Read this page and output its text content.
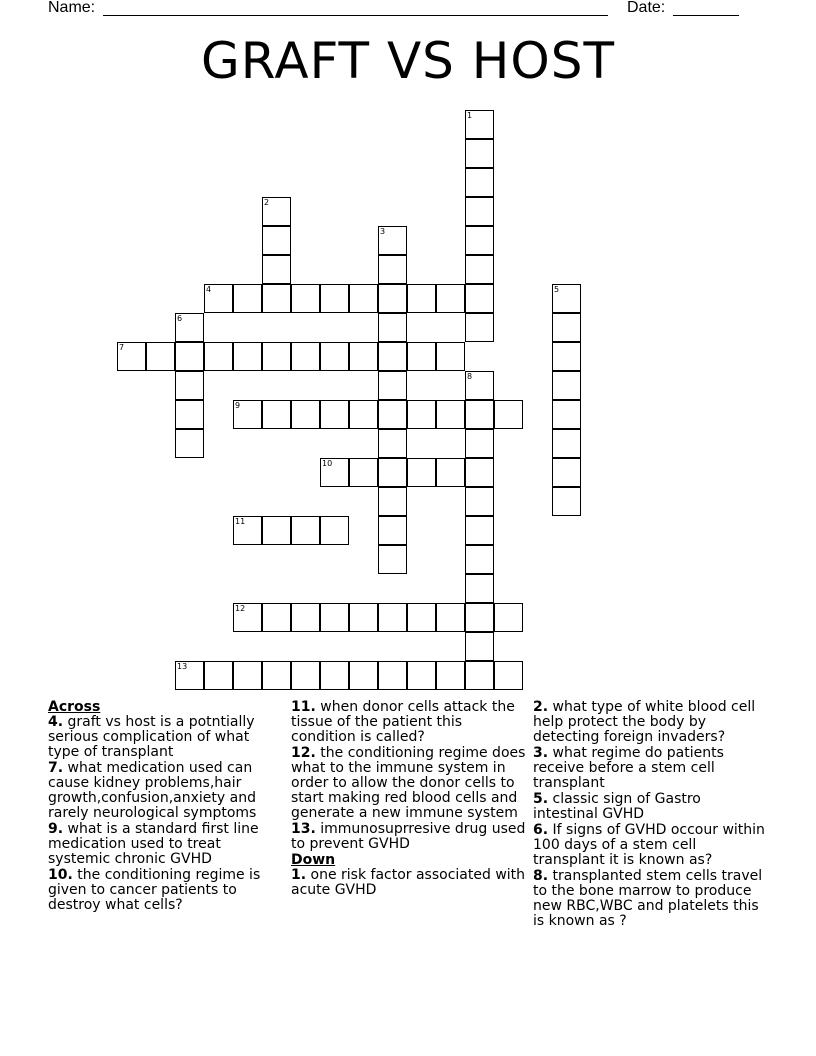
Name:	Date:
GRAFT VS HOST
1
2
3
4	5
6
7
8
9
10
11
12
13
Across
4. graft vs host is a potntially serious complication of what type of transplant
7. what medication used can cause kidney problems,hair growth,confusion,anxiety and rarely neurological symptoms
9. what is a standard first line medication used to treat systemic chronic GVHD
10. the conditioning regime is given to cancer patients to destroy what cells?
11. when donor cells attack the tissue of the patient this condition is called?
12. the conditioning regime does what to the immune system in order to allow the donor cells to start making red blood cells and generate a new immune system
13. immunosuprresive drug used to prevent GVHD
Down
1. one risk factor associated with acute GVHD
2. what type of white blood cell help protect the body by detecting foreign invaders?
3. what regime do patients receive before a stem cell transplant
5. classic sign of Gastro intestinal GVHD
6. If signs of GVHD occour within 100 days of a stem cell transplant it is known as?
8. transplanted stem cells travel to the bone marrow to produce new RBC,WBC and platelets this is known as ?
